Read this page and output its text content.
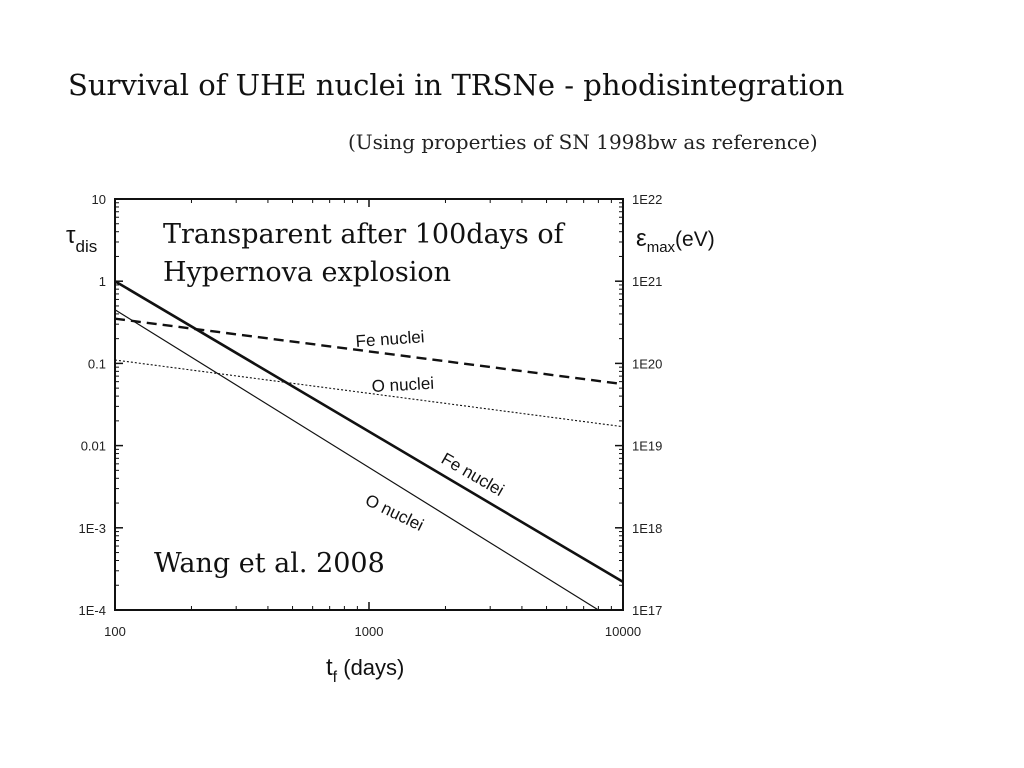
Survival of UHE nuclei in TRSNe - phodisintegration
(Using properties of SN 1998bw as reference)
10
1
0.1
0.01
1E-3
1E-4
1E22
1E21
1E20
1E19
1E18
1E17
100	1000	10000
Fe nuclei
O nuclei
Fe nuclei
O nuclei
Transparent after 100days of
Hypernova explosion
Wang et al. 2008
$\tau_{dis}$	$\varepsilon_{max}(eV)$
$t_f$ (days)
